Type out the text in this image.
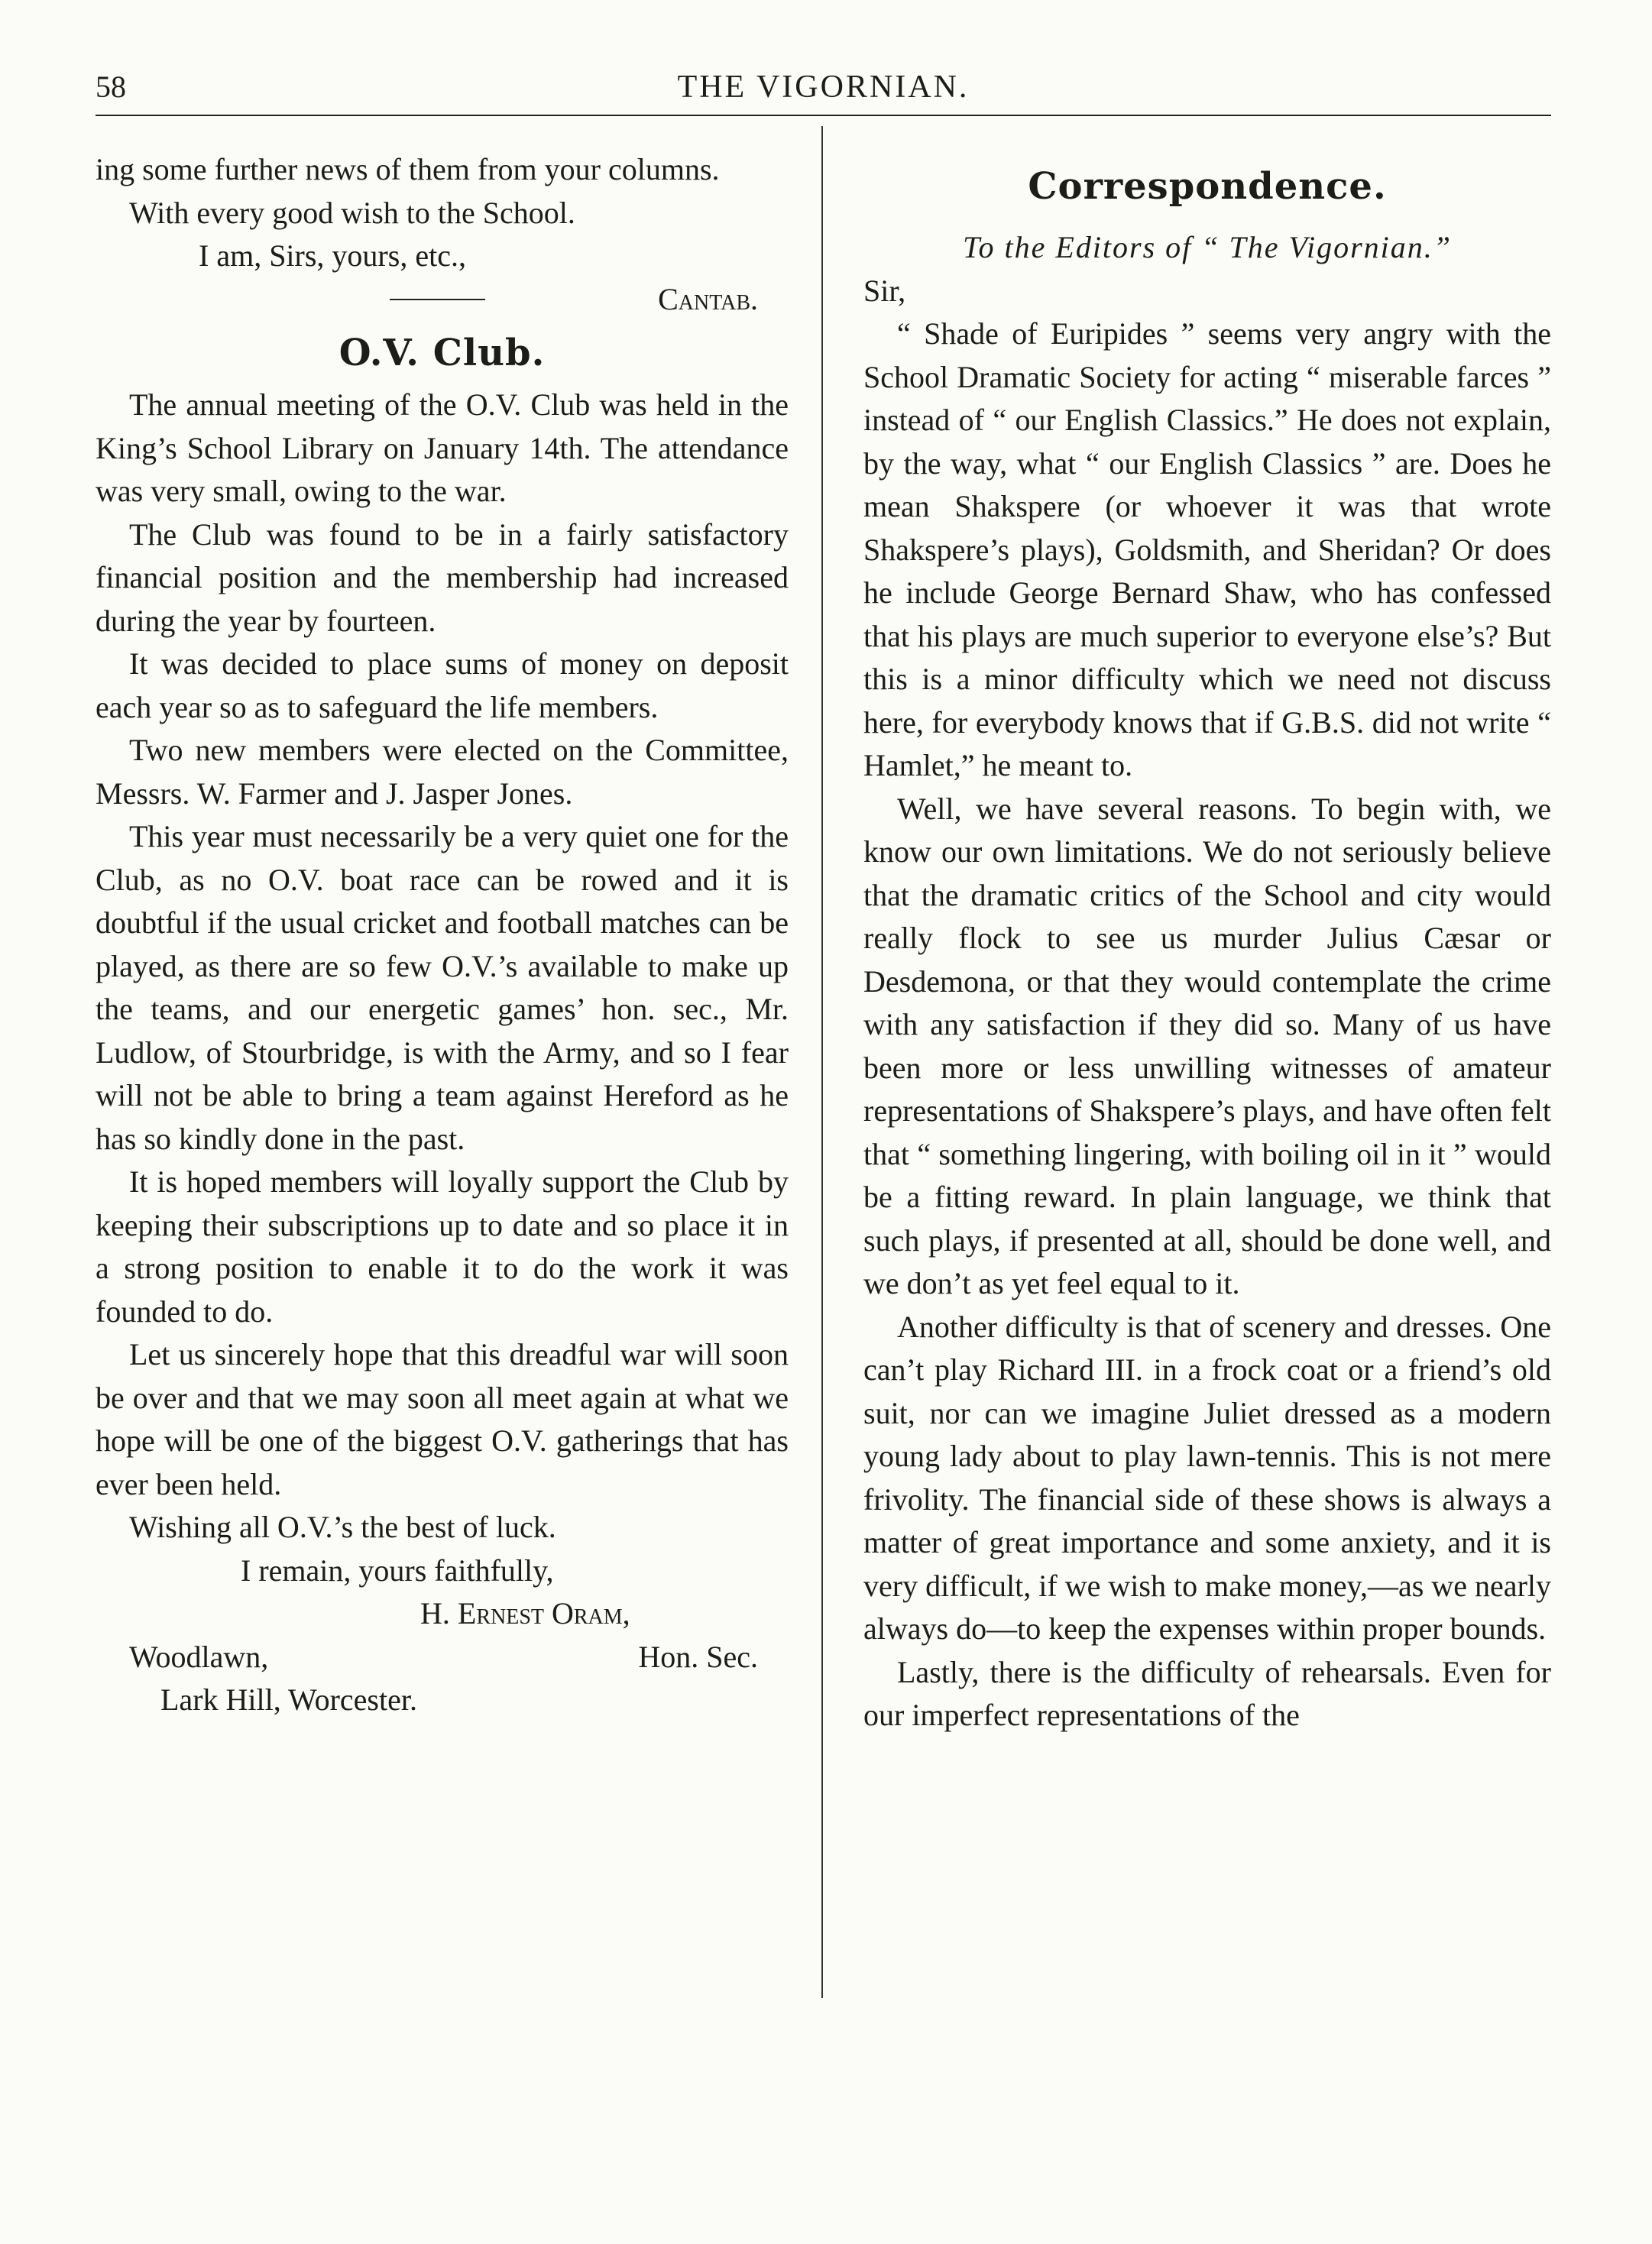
58	THE VIGORNIAN.

ing some further news of them from your columns.

With every good wish to the School.

I am, Sirs, yours, etc.,

Cantab.
O.V. Club.

The annual meeting of the O.V. Club was held in the King’s School Library on January 14th. The attendance was very small, owing to the war.

The Club was found to be in a fairly satisfactory financial position and the membership had increased during the year by fourteen.

It was decided to place sums of money on deposit each year so as to safeguard the life members.

Two new members were elected on the Committee, Messrs. W. Farmer and J. Jasper Jones.

This year must necessarily be a very quiet one for the Club, as no O.V. boat race can be rowed and it is doubtful if the usual cricket and football matches can be played, as there are so few O.V.’s available to make up the teams, and our energetic games’ hon. sec., Mr. Ludlow, of Stourbridge, is with the Army, and so I fear will not be able to bring a team against Hereford as he has so kindly done in the past.

It is hoped members will loyally support the Club by keeping their subscriptions up to date and so place it in a strong position to enable it to do the work it was founded to do.

Let us sincerely hope that this dreadful war will soon be over and that we may soon all meet again at what we hope will be one of the biggest O.V. gatherings that has ever been held.

Wishing all O.V.’s the best of luck.

I remain, yours faithfully,

H. Ernest Oram,

Woodlawn,	Hon. Sec.

Lark Hill, Worcester.

Correspondence.

To the Editors of “ The Vigornian.”

Sir,

“ Shade of Euripides ” seems very angry with the School Dramatic Society for acting “ miserable farces ” instead of “ our English Classics.” He does not explain, by the way, what “ our English Classics ” are. Does he mean Shakspere (or whoever it was that wrote Shakspere’s plays), Goldsmith, and Sheridan? Or does he include George Bernard Shaw, who has confessed that his plays are much superior to everyone else’s? But this is a minor difficulty which we need not discuss here, for everybody knows that if G.B.S. did not write “ Hamlet,” he meant to.

Well, we have several reasons. To begin with, we know our own limitations. We do not seriously believe that the dramatic critics of the School and city would really flock to see us murder Julius Cæsar or Desdemona, or that they would contemplate the crime with any satisfaction if they did so. Many of us have been more or less unwilling witnesses of amateur representations of Shakspere’s plays, and have often felt that “ something lingering, with boiling oil in it ” would be a fitting reward. In plain language, we think that such plays, if presented at all, should be done well, and we don’t as yet feel equal to it.

Another difficulty is that of scenery and dresses. One can’t play Richard III. in a frock coat or a friend’s old suit, nor can we imagine Juliet dressed as a modern young lady about to play lawn-tennis. This is not mere frivolity. The financial side of these shows is always a matter of great importance and some anxiety, and it is very difficult, if we wish to make money,—as we nearly always do—to keep the expenses within proper bounds.

Lastly, there is the difficulty of rehearsals. Even for our imperfect representations of the
